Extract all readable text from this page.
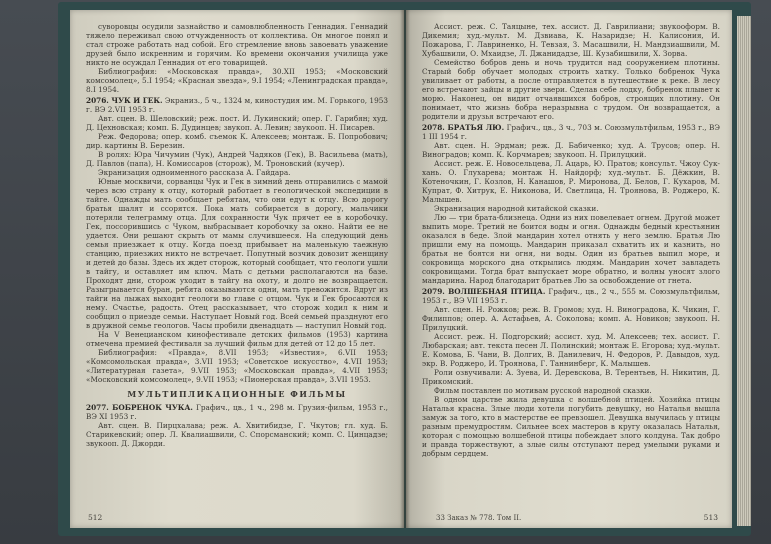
суворовцы осудили зазнайство и самовлюбленность Геннадия. Геннадий тяжело переживал свою отчужденность от коллектива. Он многое понял и стал строже работать над собой. Его стремление вновь завоевать уважение друзей было искренним и горячим. Ко времени окончания училища уже никто не осуждал Геннадия от его товарищей.

Библиография: «Московская правда», 30.XII 1953; «Московский комсомолец», 5.I 1954; «Красная звезда», 9.I 1954; «Ленинградская правда», 8.I 1954.

2076. ЧУК И ГЕК. Экраниз., 5 ч., 1324 м, киностудия им. М. Горького, 1953 г. ВЭ 2.VII 1953 г.

Авт. сцен. В. Шеловский; реж. пост. И. Лукинский; опер. Г. Гарибян; худ. Д. Цехновская; комп. Б. Дудинцев; звукоп. А. Левин; звукооп. Н. Писарев.

Реж. Федорова; опер. комб. съемок К. Алексеев; монтаж. Б. Попробович; дир. картины В. Березин.

В ролях: Юра Чичумин (Чук), Андрей Чадяков (Гек), В. Васильева (мать), Д. Павлов (папа), Н. Комиссаров (сторож), М. Троновский (кучер).

Экранизация одноименного рассказа А. Гайдара.

Юные москвичи, сорванцы Чук и Гек в зимний день отправились с мамой через всю страну к отцу, который работает в геологической экспедиции в тайге. Однажды мать сообщает ребятам, что они едут к отцу. Всю дорогу братья шалят и ссорятся. Пока мать собирается в дорогу, мальчики потеряли телеграмму отца. Для сохранности Чук прячет ее в коробочку. Гек, поссорившись с Чуком, выбрасывает коробочку за окно. Найти ее не удается. Они решают скрыть от мамы случившееся. На следующий день семья приезжает к отцу. Когда поезд прибывает на маленькую таежную станцию, приезжих никто не встречает. Попутный возчик довозит женщину и детей до базы. Здесь их ждет сторож, который сообщает, что геологи ушли в тайгу, и оставляет им ключ. Мать с детьми располагаются на базе. Проходят дни, сторож уходит в тайгу на охоту, и долго не возвращается. Разыгрывается буран, ребята оказываются одни, мать тревожится. Вдруг из тайги на лыжах выходят геологи во главе с отцом. Чук и Гек бросаются к нему. Счастье, радость. Отец рассказывает, что сторож ходил к ним и сообщил о приезде семьи. Наступает Новый год. Всей семьей празднуют его в дружной семье геологов. Часы пробили двенадцать — наступил Новый год.

На V Венецианском кинофестивале детских фильмов (1953) картина отмечена премией фестиваля за лучший фильм для детей от 12 до 15 лет.

Библиография: «Правда», 8.VII 1953; «Известия», 6.VII 1953; «Комсомольская правда», 3.VII 1953; «Советское искусство», 4.VII 1953; «Литературная газета», 9.VII 1953; «Московская правда», 4.VII 1953; «Московский комсомолец», 9.VII 1953; «Пионерская правда», 3.VII 1953.

МУЛЬТИПЛИКАЦИОННЫЕ ФИЛЬМЫ

2077. БОБРЕНОК ЧУКА. Графич., цв., 1 ч., 298 м. Грузия-фильм, 1953 г., ВЭ XI 1953 г.

Авт. сцен. В. Пирцхалава; реж. А. Хвитибидзе, Г. Чкутов; гл. худ. Б. Старикевский; опер. Л. Квалиашвили, С. Спорсманский; комп. С. Цинцадзе; звукооп. Д. Джорди.

512

Ассист. реж. С. Таяцыне, тех. ассист. Д. Гаврилиани; звукооформ. В. Дикемия; худ.-мульт. М. Дзвиава, К. Назаридзе; Н. Калисония, И. Пожарова, Г. Лавриненко, Н. Тевзая, З. Масашвили, Н. Мандзиашвили, М. Хубашвили, О. Мхаидзе, Л. Джанидадзе, Ш. Кузабишвили, Х. Зорва.

Семейство бобров день и ночь трудится над сооружением плотины. Старый бобр обучает молодых строить хатку. Только бобренок Чука увиливает от работы, а после отправляется в путешествие к реке. В лесу его встречают зайцы и другие звери. Сделав себе лодку, бобренок плывет к морю. Наконец, он видит отчаявшихся бобров, строящих плотину. Он понимает, что жизнь бобра неразрывна с трудом. Он возвращается, а родители и друзья встречают его.

2078. БРАТЬЯ ЛЮ. Графич., цв., 3 ч., 703 м. Союзмультфильм, 1953 г., ВЭ 1 III 1954 г.

Авт. сцен. Н. Эрдман; реж. Д. Бабиченко; худ. А. Трусов; опер. Н. Виноградов; комп. К. Корчмарев; звукооп. Н. Прилуцкий.

Ассист. реж. Е. Новосельцева, Л. Ацарь, Ю. Пратов; консульт. Чжоу Сук-хань. О. Глухарева; монтаж Н. Найдорф; худ.-мульт. Б. Дёжкин, В. Котеночкин, Г. Козлов, Н. Канашов, Р. Миронова, Д. Белов, Г. Кухаров, М. Купрат, Ф. Хитрук, Е. Никонова, И. Светлица, Н. Троянова, В. Роджеро, К. Малышев.

Экранизация народной китайской сказки.

Лю — три брата-близнеца. Одни из них повелевает огнем. Другой может выпить море. Третий не боится воды и огня. Однажды бедный крестьянин оказался в беде. Злой мандарин хотел отнять у него землю. Братья Лю пришли ему на помощь. Мандарин приказал схватить их и казнить, но братья не боятся ни огня, ни воды. Один из братьев выпил море, и сокровища морского дна открылись людям. Мандарин хочет завладеть сокровищами. Тогда брат выпускает море обратно, и волны уносят злого мандарина. Народ благодарит братьев Лю за освобождение от гнета.

2079. ВОЛШЕБНАЯ ПТИЦА. Графич., цв., 2 ч., 555 м. Союзмультфильм, 1953 г., ВЭ VII 1953 г.

Авт. сцен. Н. Рожков; реж. В. Громов; худ. Н. Виноградова, К. Чикин, Г. Филиппов; опер. А. Астафьев, А. Соколова; комп. А. Новиков; звукооп. Н. Прилуцкий.

Ассист. реж. Н. Подгорский; ассист. худ. М. Алексеев; тех. ассист. Г. Любарская; авт. текста песен Л. Полинский; монтаж Е. Егорова; худ.-мульт. Е. Комова, Б. Чани, В. Долгих, В. Данилевич, Н. Федоров, Р. Давыдов, худ. экр. В. Роджеро, И. Троянова, Г. Таннинберг, К. Малышев.

Роли озвучивали: А. Зуева, И. Деревскова, В. Терентьев, Н. Никитин, Д. Прикомский.

Фильм поставлен по мотивам русской народной сказки.

В одном царстве жила девушка с волшебной птицей. Хозяйка птицы Наталья красна. Злые люди хотели погубить девушку, но Наталья вышла замуж за того, кто в мастерстве ее превзошел. Девушка выучилась у птицы разным премудростям. Сильнее всех мастеров в кругу оказалась Наталья, которая с помощью волшебной птицы побеждает злого колдуна. Так добро и правда торжествуют, а злые силы отступают перед умелыми руками и добрым сердцем.

33 Заказ № 778. Том II.	513
